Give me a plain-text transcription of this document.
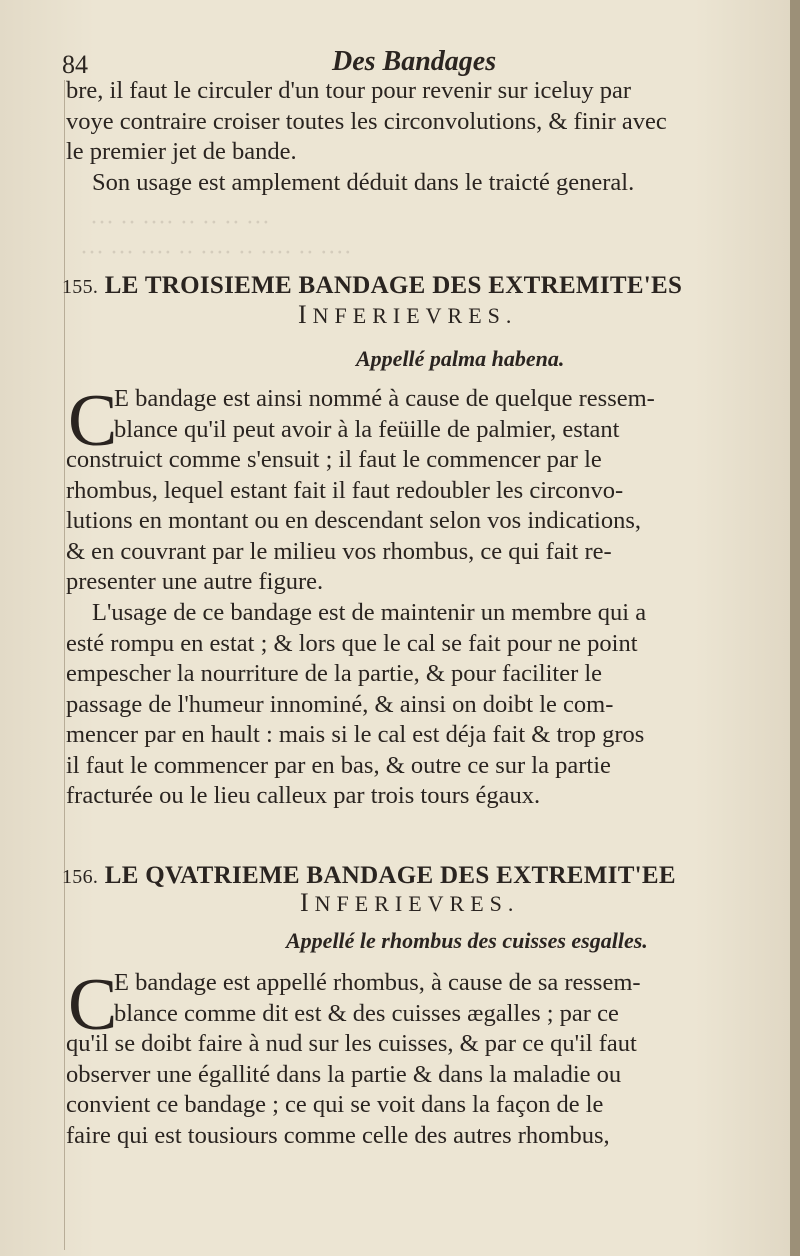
··· ·· ·· ·· ···· ·· ···
···· ·· ···· ·· ···· ·· ···· ··· ···
84	Des Bandages
bre, il faut le circuler d'un tour pour revenir sur iceluy par
voye contraire croiser toutes les circonvolutions, & finir avec
le premier jet de bande.
Son usage est amplement déduit dans le traicté general.
155. LE TROISIEME BANDAGE DES EXTREMITE'ES
INFERIEVRES.
Appellé palma habena.
C
E bandage est ainsi nommé à cause de quelque ressem-
blance qu'il peut avoir à la feüille de palmier, estant
construict comme s'ensuit ; il faut le commencer par le
rhombus, lequel estant fait il faut redoubler les circonvo-
lutions en montant ou en descendant selon vos indications,
& en couvrant par le milieu vos rhombus, ce qui fait re-
presenter une autre figure.
L'usage de ce bandage est de maintenir un membre qui a
esté rompu en estat ; & lors que le cal se fait pour ne point
empescher la nourriture de la partie, & pour faciliter le
passage de l'humeur innominé, & ainsi on doibt le com-
mencer par en hault : mais si le cal est déja fait & trop gros
il faut le commencer par en bas, & outre ce sur la partie
fracturée ou le lieu calleux par trois tours égaux.
156. LE QVATRIEME BANDAGE DES EXTREMIT'EE
INFERIEVRES.
Appellé le rhombus des cuisses esgalles.
C
E bandage est appellé rhombus, à cause de sa ressem-
blance comme dit est & des cuisses ægalles ; par ce
qu'il se doibt faire à nud sur les cuisses, & par ce qu'il faut
observer une égallité dans la partie & dans la maladie ou
convient ce bandage ; ce qui se voit dans la façon de le
faire qui est tousiours comme celle des autres rhombus,
